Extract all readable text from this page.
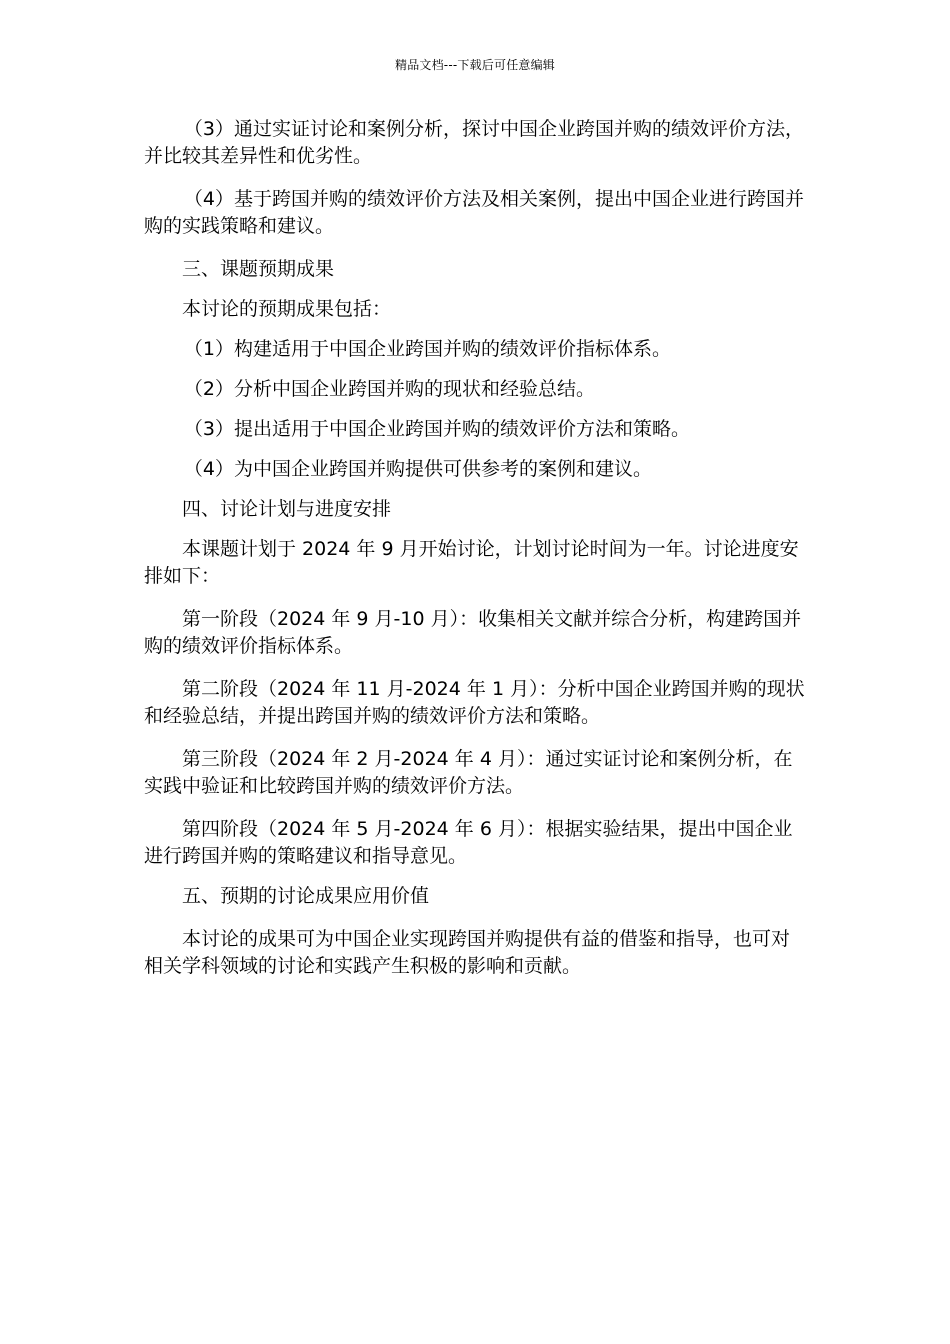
精品文档---下载后可任意编辑

（3）通过实证讨论和案例分析，探讨中国企业跨国并购的绩效评价方法，并比较其差异性和优劣性。

（4）基于跨国并购的绩效评价方法及相关案例，提出中国企业进行跨国并购的实践策略和建议。

三、课题预期成果

本讨论的预期成果包括：

（1）构建适用于中国企业跨国并购的绩效评价指标体系。

（2）分析中国企业跨国并购的现状和经验总结。

（3）提出适用于中国企业跨国并购的绩效评价方法和策略。

（4）为中国企业跨国并购提供可供参考的案例和建议。

四、讨论计划与进度安排

本课题计划于 2024 年 9 月开始讨论，计划讨论时间为一年。讨论进度安排如下：

第一阶段（2024 年 9 月-10 月）：收集相关文献并综合分析，构建跨国并购的绩效评价指标体系。

第二阶段（2024 年 11 月-2024 年 1 月）：分析中国企业跨国并购的现状和经验总结，并提出跨国并购的绩效评价方法和策略。

第三阶段（2024 年 2 月-2024 年 4 月）：通过实证讨论和案例分析，在实践中验证和比较跨国并购的绩效评价方法。

第四阶段（2024 年 5 月-2024 年 6 月）：根据实验结果，提出中国企业进行跨国并购的策略建议和指导意见。

五、预期的讨论成果应用价值

本讨论的成果可为中国企业实现跨国并购提供有益的借鉴和指导，也可对相关学科领域的讨论和实践产生积极的影响和贡献。
